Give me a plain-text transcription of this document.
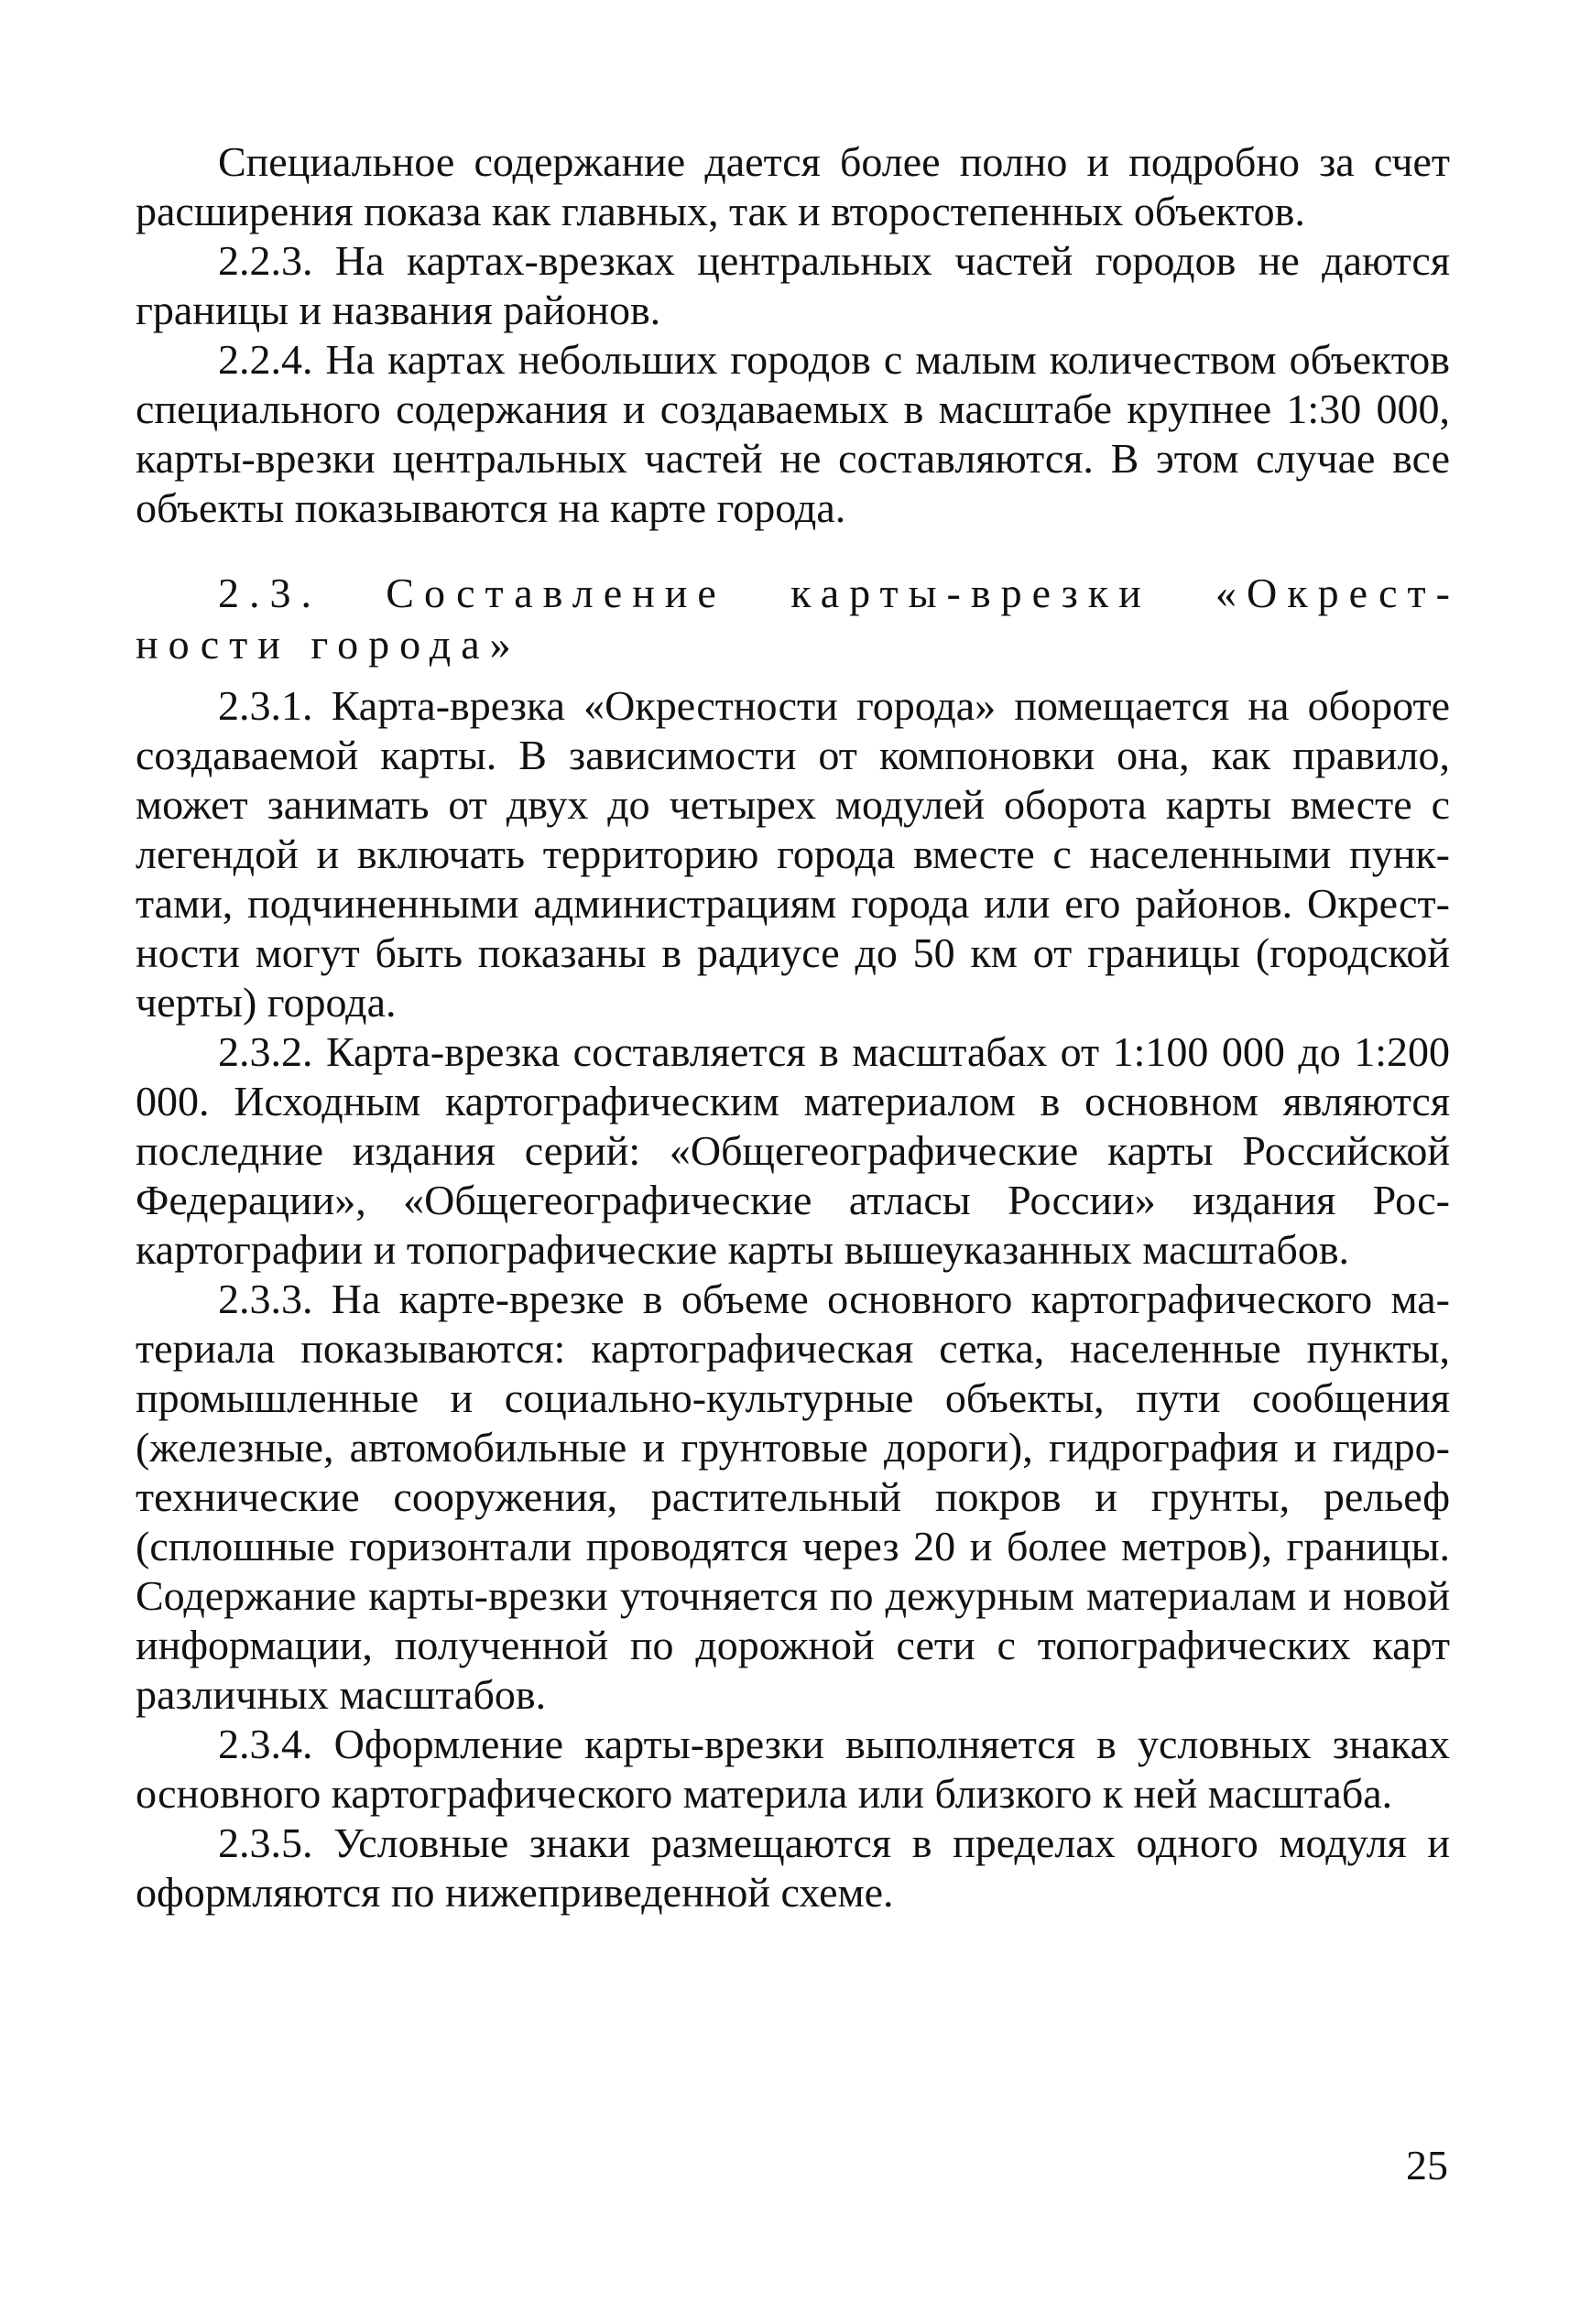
Специальное содержание дается более полно и подробно за счет расширения показа как главных, так и второстепенных объектов.

2.2.3. На картах-врезках центральных частей городов не даются границы и названия районов.

2.2.4. На картах небольших городов с малым количеством объектов специального содержания и создаваемых в масштабе крупнее 1:30 000, карты-врезки центральных частей не составляются. В этом случае все объекты показываются на карте города.

2.3. Составление карты-врезки «Окрестности города»

2.3.1. Карта-врезка «Окрестности города» помещается на обороте создаваемой карты. В зависимости от компоновки она, как правило, может занимать от двух до четырех модулей оборота карты вместе с легендой и включать территорию города вместе с населенными пунктами, подчиненными администрациям города или его районов. Окрестности могут быть показаны в радиусе до 50 км от границы (городской черты) города.

2.3.2. Карта-врезка составляется в масштабах от 1:100 000 до 1:200 000. Исходным картографическим материалом в основном являются последние издания серий: «Общегеографические карты Российской Федерации», «Общегеографические атласы России» издания Роскартографии и топографические карты вышеуказанных масштабов.

2.3.3. На карте-врезке в объеме основного картографического материала показываются: картографическая сетка, населенные пункты, промышленные и социально-культурные объекты, пути сообщения (железные, автомобильные и грунтовые дороги), гидрография и гидротехнические сооружения, растительный покров и грунты, рельеф (сплошные горизонтали проводятся через 20 и более метров), границы. Содержание карты-врезки уточняется по дежурным материалам и новой информации, полученной по дорожной сети с топографических карт различных масштабов.

2.3.4. Оформление карты-врезки выполняется в условных знаках основного картографического материла или близкого к ней масштаба.

2.3.5. Условные знаки размещаются в пределах одного модуля и оформляются по нижеприведенной схеме.

25
